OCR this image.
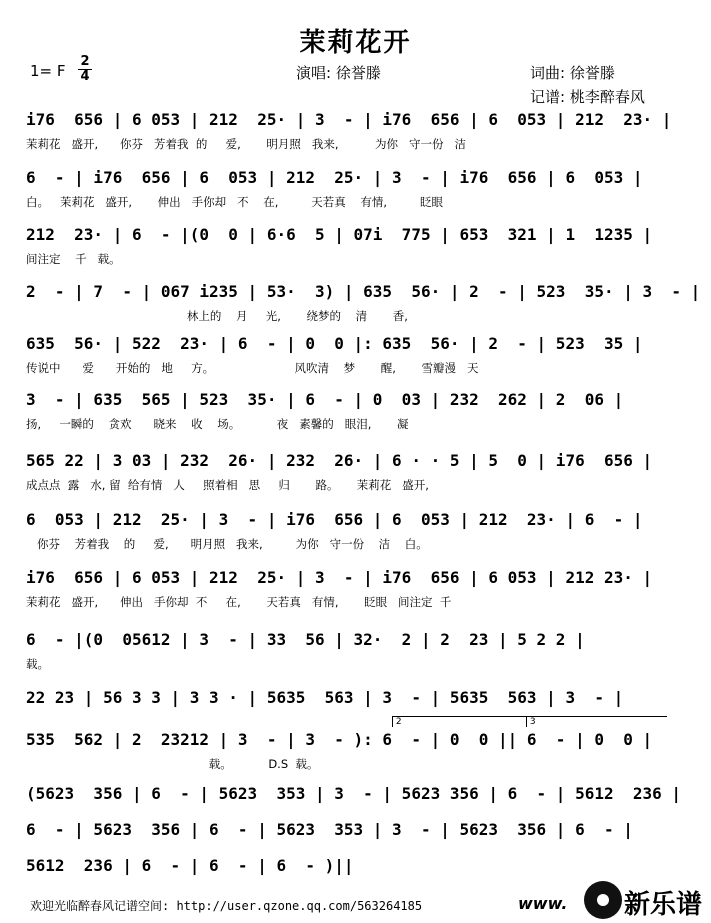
茉莉花开
1= F
2
4	演唱: 徐誉滕	词曲: 徐誉滕
记谱: 桃李醉春风
i76  656 | 6 053 | 212  25· | 3  - | i76  656 | 6  053 | 212  23· |
茉莉花   盛开,      你芬   芳着我  的     爱,       明月照   我来,          为你   守一份   洁
6  - | i76  656 | 6  053 | 212  25· | 3  - | i76  656 | 6  053 |
白。   茉莉花   盛开,       伸出   手你却   不    在,         天若真    有情,         眨眼
212  23· | 6  - |(0  0 | 6·6  5 | 07i  775 | 653  321 | 1  1235 |
间注定    千   载。
2  - | 7  - | 067 i235 | 53·  3) | 635  56· | 2  - | 523  35· | 3  - |
林上的    月     光,       绕梦的    清       香,
635  56· | 522  23· | 6  - | 0  0 |: 635  56· | 2  - | 523  35 |
传说中      爱      开始的   地     方。                      风吹清    梦       醒,       雪瓣漫   天
3  - | 635  565 | 523  35· | 6  - | 0  03 | 232  262 | 2  06 |
扬,     一瞬的    贪欢      晓来    收    场。          夜   素馨的   眼泪,       凝
565 22 | 3 03 | 232  26· | 232  26· | 6 · · 5 | 5  0 | i76  656 |
成点点  露   水, 留  给有情   人     照着相   思     归       路。     茉莉花   盛开,
6  053 | 212  25· | 3  - | i76  656 | 6  053 | 212  23· | 6  - |
你芬    芳着我    的     爱,      明月照   我来,         为你   守一份    洁    白。
i76  656 | 6 053 | 212  25· | 3  - | i76  656 | 6 053 | 212 23· |
茉莉花   盛开,      伸出   手你却  不     在,       天若真   有情,       眨眼   间注定  千
6  - |(0  05612 | 3  - | 33  56 | 32·  2 | 2  23 | 5 2 2 |
载。
22 23 | 56 3 3 | 3 3 · | 5635  563 | 3  - | 5635  563 | 3  - |
2	3
535  562 | 2  23212 | 3  - | 3  - ): 6  - | 0  0 || 6  - | 0  0 |
载。          D.S  载。
(5623  356 | 6  - | 5623  353 | 3  - | 5623 356 | 6  - | 5612  236 |
6  - | 5623  356 | 6  - | 5623  353 | 3  - | 5623  356 | 6  - |
5612  236 | 6  - | 6  - | 6  - )||
欢迎光临醉春风记谱空间: http://user.qzone.qq.com/563264185	www. 新乐谱
